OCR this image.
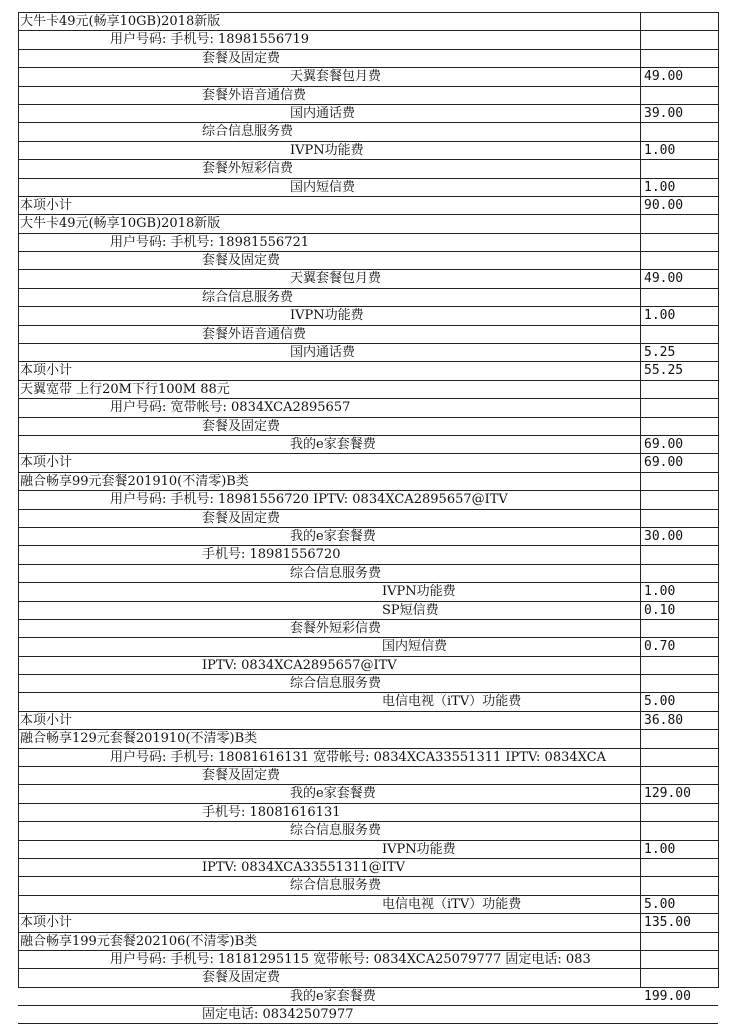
大牛卡49元(畅享10GB)2018新版
用户号码: 手机号: 18981556719
套餐及固定费
天翼套餐包月费	49.00
套餐外语音通信费
国内通话费	39.00
综合信息服务费
IVPN功能费	1.00
套餐外短彩信费
国内短信费	1.00
本项小计	90.00
大牛卡49元(畅享10GB)2018新版
用户号码: 手机号: 18981556721
套餐及固定费
天翼套餐包月费	49.00
综合信息服务费
IVPN功能费	1.00
套餐外语音通信费
国内通话费	5.25
本项小计	55.25
天翼宽带 上行20M下行100M 88元
用户号码: 宽带帐号: 0834XCA2895657
套餐及固定费
我的e家套餐费	69.00
本项小计	69.00
融合畅享99元套餐201910(不清零)B类
用户号码: 手机号: 18981556720 IPTV: 0834XCA2895657@ITV
套餐及固定费
我的e家套餐费	30.00
手机号: 18981556720
综合信息服务费
IVPN功能费	1.00
SP短信费	0.10
套餐外短彩信费
国内短信费	0.70
IPTV: 0834XCA2895657@ITV
综合信息服务费
电信电视（iTV）功能费	5.00
本项小计	36.80
融合畅享129元套餐201910(不清零)B类
用户号码: 手机号: 18081616131 宽带帐号: 0834XCA33551311 IPTV: 0834XCA
套餐及固定费
我的e家套餐费	129.00
手机号: 18081616131
综合信息服务费
IVPN功能费	1.00
IPTV: 0834XCA33551311@ITV
综合信息服务费
电信电视（iTV）功能费	5.00
本项小计	135.00
融合畅享199元套餐202106(不清零)B类
用户号码: 手机号: 18181295115 宽带帐号: 0834XCA25079777 固定电话: 083
套餐及固定费
我的e家套餐费	199.00
固定电话: 08342507977
